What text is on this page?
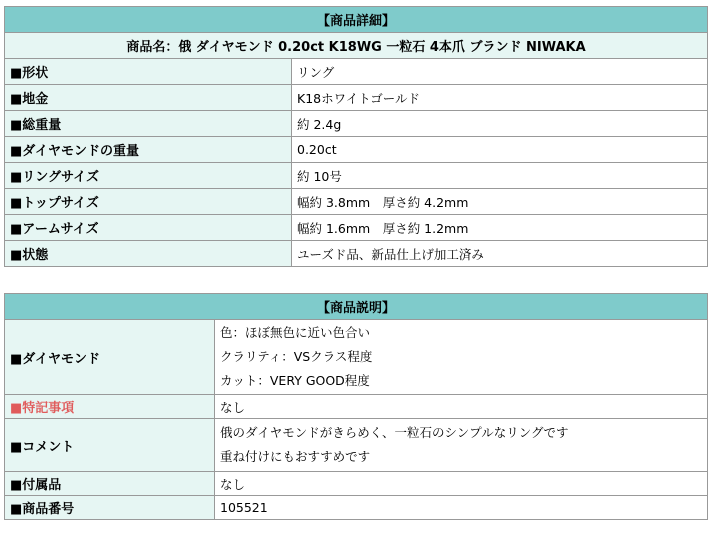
【商品詳細】	
商品名：俄 ダイヤモンド 0.20ct K18WG 一粒石 4本爪 ブランド NIWAKA	
■形状	リング
■地金	K18ホワイトゴールド
■総重量	約 2.4g
■ダイヤモンドの重量	0.20ct
■リングサイズ	約 10号
■トップサイズ	幅約 3.8mm　厚さ約 4.2mm
■アームサイズ	幅約 1.6mm　厚さ約 1.2mm
■状態	ユーズド品、新品仕上げ加工済み
【商品説明】	
■ダイヤモンド	色：ほぼ無色に近い色合い
クラリティ：VSクラス程度
カット：VERY GOOD程度

■特記事項	なし
■コメント	俄のダイヤモンドがきらめく、一粒石のシンプルなリングです
重ね付けにもおすすめです

■付属品	なし
■商品番号	105521
